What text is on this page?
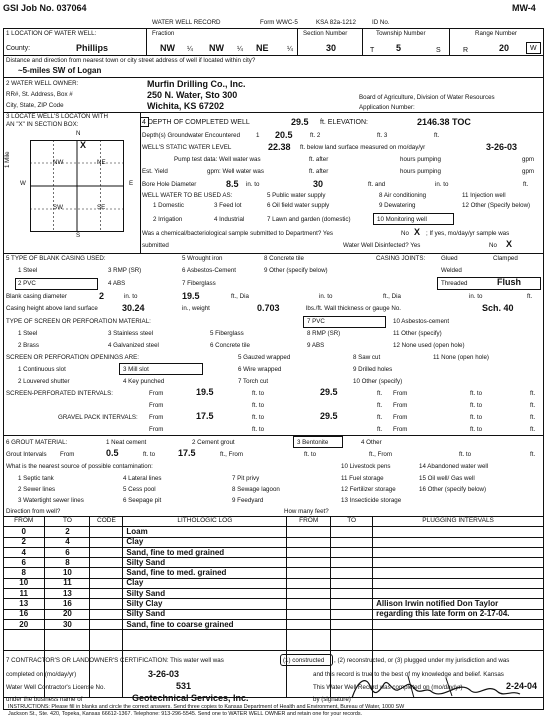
GSI Job No. 037064	MW-4
WATER WELL RECORD	Form WWC-5	KSA 82a-1212	ID No.
1 LOCATION OF WATER WELL:	Fraction	Section Number	Township Number	Range Number
County:	Phillips	NW ¼ NW ¼ NE	¼	30	T 5	S	R	20	W
Distance and direction from nearest town or city street address of well if located within city?
~5-miles SW of Logan
2 WATER WELL OWNER:
RR#, St. Address, Box #
City, State, ZIP Code
Murfin Drilling Co., Inc.
250 N. Water, Sto 300
Wichita, KS 67202
Board of Agriculture, Division of Water Resources
Application Number:
3 LOCATE WELL'S LOCATON WITH
AN "X" IN SECTION BOX:
N
S
W	E
1 Mile	NW	NE
SW	SE
X
4 DEPTH OF COMPLETED WELL	29.5 ft. ELEVATION:	2146.38 TOC
Depth(s) Groundwater Encountered	1 20.5	ft. 2	ft. 3	ft.
WELL'S STATIC WATER LEVEL	22.38 ft. below land surface measured on mo/day/yr	3-26-03
Pump test data: Well water was	ft. after	hours pumping	gpm
Est. Yield	gpm: Well water was	ft. after	hours pumping	gpm
Bore Hole Diameter	8.5 in. to	30	ft. and	in. to	ft.
WELL WATER TO BE USED AS:	5 Public water supply	8 Air conditioning	11 Injection well
1 Domestic	3 Feed lot	6 Oil field water supply	9 Dewatering	12 Other (Specify below)
2 Irrigation	4 Industrial	7 Lawn and garden (domestic)	10 Monitoring well
Was a chemical/bacteriological sample submitted to Department? Yes	No X ; If yes, mo/day/yr sample was
submitted	Water Well Disinfected? Yes	No X
5 TYPE OF BLANK CASING USED:	5 Wrought iron	8 Concrete tile	CASING JOINTS:	Glued	Clamped
1 Steel	3 RMP (SR)	6 Asbestos-Cement	9 Other (specify below)	Welded
2 PVC	4 ABS	7 Fiberglass	Threaded	Flush
Blank casing diameter	2	in. to	19.5	ft., Dia	in. to	ft., Dia	in. to	ft.
Casing height above land surface	30.24	in., weight	0.703	lbs./ft. Wall thickness or gauge No.	Sch. 40
TYPE OF SCREEN OR PERFORATION MATERIAL:	7 PVC	10 Asbestos-cement
1 Steel	3 Stainless steel	5 Fiberglass	8 RMP (SR)	11 Other (specify)
2 Brass	4 Galvanized steel	6 Concrete tile	9 ABS	12 None used (open hole)
SCREEN OR PERFORATION OPENINGS ARE:	5 Gauzed wrapped	8 Saw cut	11 None (open hole)
1 Continuous slot	3 Mill slot	6 Wire wrapped	9 Drilled holes
2 Louvered shutter	4 Key punched	7 Torch cut	10 Other (specify)
SCREEN-PERFORATED INTERVALS:	From	19.5	ft. to	29.5	ft. From	ft. to	ft.
From	ft. to	ft. From	ft. to	ft.
GRAVEL PACK INTERVALS: From	17.5	ft. to	29.5	ft. From	ft. to	ft.
From	ft. to	ft. From	ft. to	ft.
6 GROUT MATERIAL:	1 Neat cement	2 Cement grout	3 Bentonite	4 Other
Grout Intervals From	0.5	ft. to	17.5	ft., From	ft. to	ft., From	ft. to	ft.
What is the nearest source of possible contamination:	10 Livestock pens	14 Abandoned water well
1 Septic tank	4 Lateral lines	7 Pit privy	11 Fuel storage	15 Oil well/ Gas well
2 Sewer lines	5 Cess pool	8 Sewage lagoon	12 Fertilizer storage	16 Other (specify below)
3 Watertight sewer lines	6 Seepage pit	9 Feedyard	13 Insecticide storage
Direction from well?	How many feet?
FROM	TO	CODE	LITHOLOGIC LOG	FROM	TO	PLUGGING INTERVALS
0	2		Loam			
2	4		Clay			
4	6		Sand, fine to med grained			
6	8		Silty Sand			
8	10		Sand, fine to med. grained			
10	11		Clay			
11	13		Silty Sand			
13	16		Silty Clay			Allison Irwin notified Don Taylor
16	20		Silty Sand			regarding this late form on 2-17-04.
20	30		Sand, fine to coarse grained			

7 CONTRACTOR'S OR LANDOWNER'S CERTIFICATION: This water well was	(1) constructed , (2) reconstructed, or (3) plugged under my jurisdiction and was
completed on (mo/day/yr)	3-26-03	and this record is true to the best of my knowledge and belief. Kansas
Water Well Contractor's License No.	531	This Water Well Record was completed on (mo/day/yr)	2-24-04
under the business name of	Geotechnical Services, Inc.	by (signature)
INSTRUCTIONS: Please fill in blanks and circle the correct answers. Send three copies to Kansas Department of Health and Environment, Bureau of Water, 1000 SW
Jackson St., Ste. 420, Topeka, Kansas 66612-1367. Telephone: 913-296-5545. Send one to WATER WELL OWNER and retain one for your records.
